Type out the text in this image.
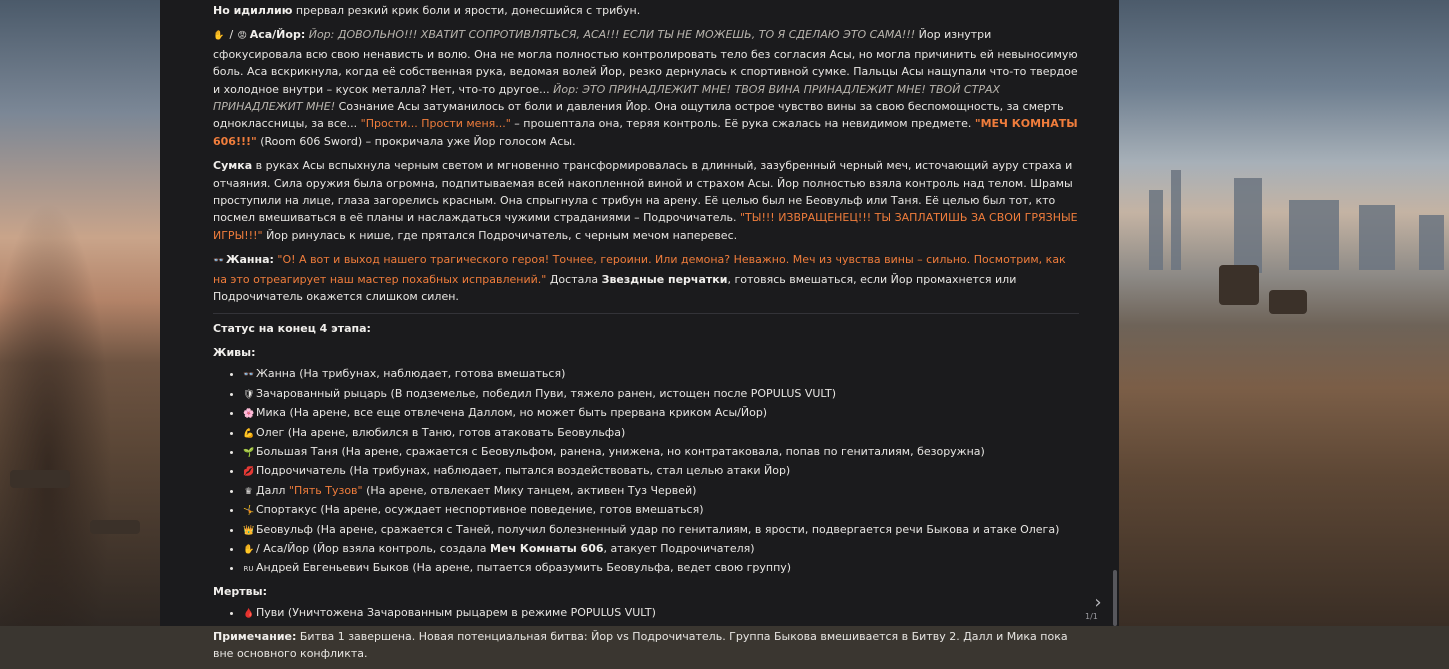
Но идиллию прервал резкий крик боли и ярости, донесшийся с трибун.

✋ / 😡 Аса/Йор: Йор: ДОВОЛЬНО!!! ХВАТИТ СОПРОТИВЛЯТЬСЯ, АСА!!! ЕСЛИ ТЫ НЕ МОЖЕШЬ, ТО Я СДЕЛАЮ ЭТО САМА!!! Йор изнутри сфокусировала всю свою ненависть и волю. Она не могла полностью контролировать тело без согласия Асы, но могла причинить ей невыносимую боль. Аса вскрикнула, когда её собственная рука, ведомая волей Йор, резко дернулась к спортивной сумке. Пальцы Асы нащупали что-то твердое и холодное внутри – кусок металла? Нет, что-то другое... Йор: ЭТО ПРИНАДЛЕЖИТ МНЕ! ТВОЯ ВИНА ПРИНАДЛЕЖИТ МНЕ! ТВОЙ СТРАХ ПРИНАДЛЕЖИТ МНЕ! Сознание Асы затуманилось от боли и давления Йор. Она ощутила острое чувство вины за свою беспомощность, за смерть одноклассницы, за все... "Прости... Прости меня..." – прошептала она, теряя контроль. Её рука сжалась на невидимом предмете. "МЕЧ КОМНАТЫ 606!!!" (Room 606 Sword) – прокричала уже Йор голосом Асы.

Сумка в руках Асы вспыхнула черным светом и мгновенно трансформировалась в длинный, зазубренный черный меч, источающий ауру страха и отчаяния. Сила оружия была огромна, подпитываемая всей накопленной виной и страхом Асы. Йор полностью взяла контроль над телом. Шрамы проступили на лице, глаза загорелись красным. Она спрыгнула с трибун на арену. Её целью был не Беовульф или Таня. Её целью был тот, кто посмел вмешиваться в её планы и наслаждаться чужими страданиями – Подрочичатель. "ТЫ!!! ИЗВРАЩЕНЕЦ!!! ТЫ ЗАПЛАТИШЬ ЗА СВОИ ГРЯЗНЫЕ ИГРЫ!!!" Йор ринулась к нише, где прятался Подрочичатель, с черным мечом наперевес.

👓 Жанна: "О! А вот и выход нашего трагического героя! Точнее, героини. Или демона? Неважно. Меч из чувства вины – сильно. Посмотрим, как на это отреагирует наш мастер похабных исправлений." Достала Звездные перчатки, готовясь вмешаться, если Йор промахнется или Подрочичатель окажется слишком силен.

Статус на конец 4 этапа:

Живы:

• 👓 Жанна (На трибунах, наблюдает, готова вмешаться)
• 🛡 Зачарованный рыцарь (В подземелье, победил Пуви, тяжело ранен, истощен после POPULUS VULT)
• 🌸 Мика (На арене, все еще отвлечена Даллом, но может быть прервана криком Асы/Йор)
• 💪 Олег (На арене, влюбился в Таню, готов атаковать Беовульфа)
• 🌱 Большая Таня (На арене, сражается с Беовульфом, ранена, унижена, но контратаковала, попав по гениталиям, безоружна)
• 💋 Подрочичатель (На трибунах, наблюдает, пытался воздействовать, стал целью атаки Йор)
• ♛ Далл "Пять Тузов" (На арене, отвлекает Мику танцем, активен Туз Червей)
• 🤸 Спортакус (На арене, осуждает неспортивное поведение, готов вмешаться)
• 👑 Беовульф (На арене, сражается с Таней, получил болезненный удар по гениталиям, в ярости, подвергается речи Быкова и атаке Олега)
• ✋ / Аса/Йор (Йор взяла контроль, создала Меч Комнаты 606, атакует Подрочичателя)
• RU Андрей Евгеньевич Быков (На арене, пытается образумить Беовульфа, ведет свою группу)

Мертвы:

• 🩸 Пуви (Уничтожена Зачарованным рыцарем в режиме POPULUS VULT)

Примечание: Битва 1 завершена. Новая потенциальная битва: Йор vs Подрочичатель. Группа Быкова вмешивается в Битву 2. Далл и Мика пока вне основного конфликта.

›
1/1
